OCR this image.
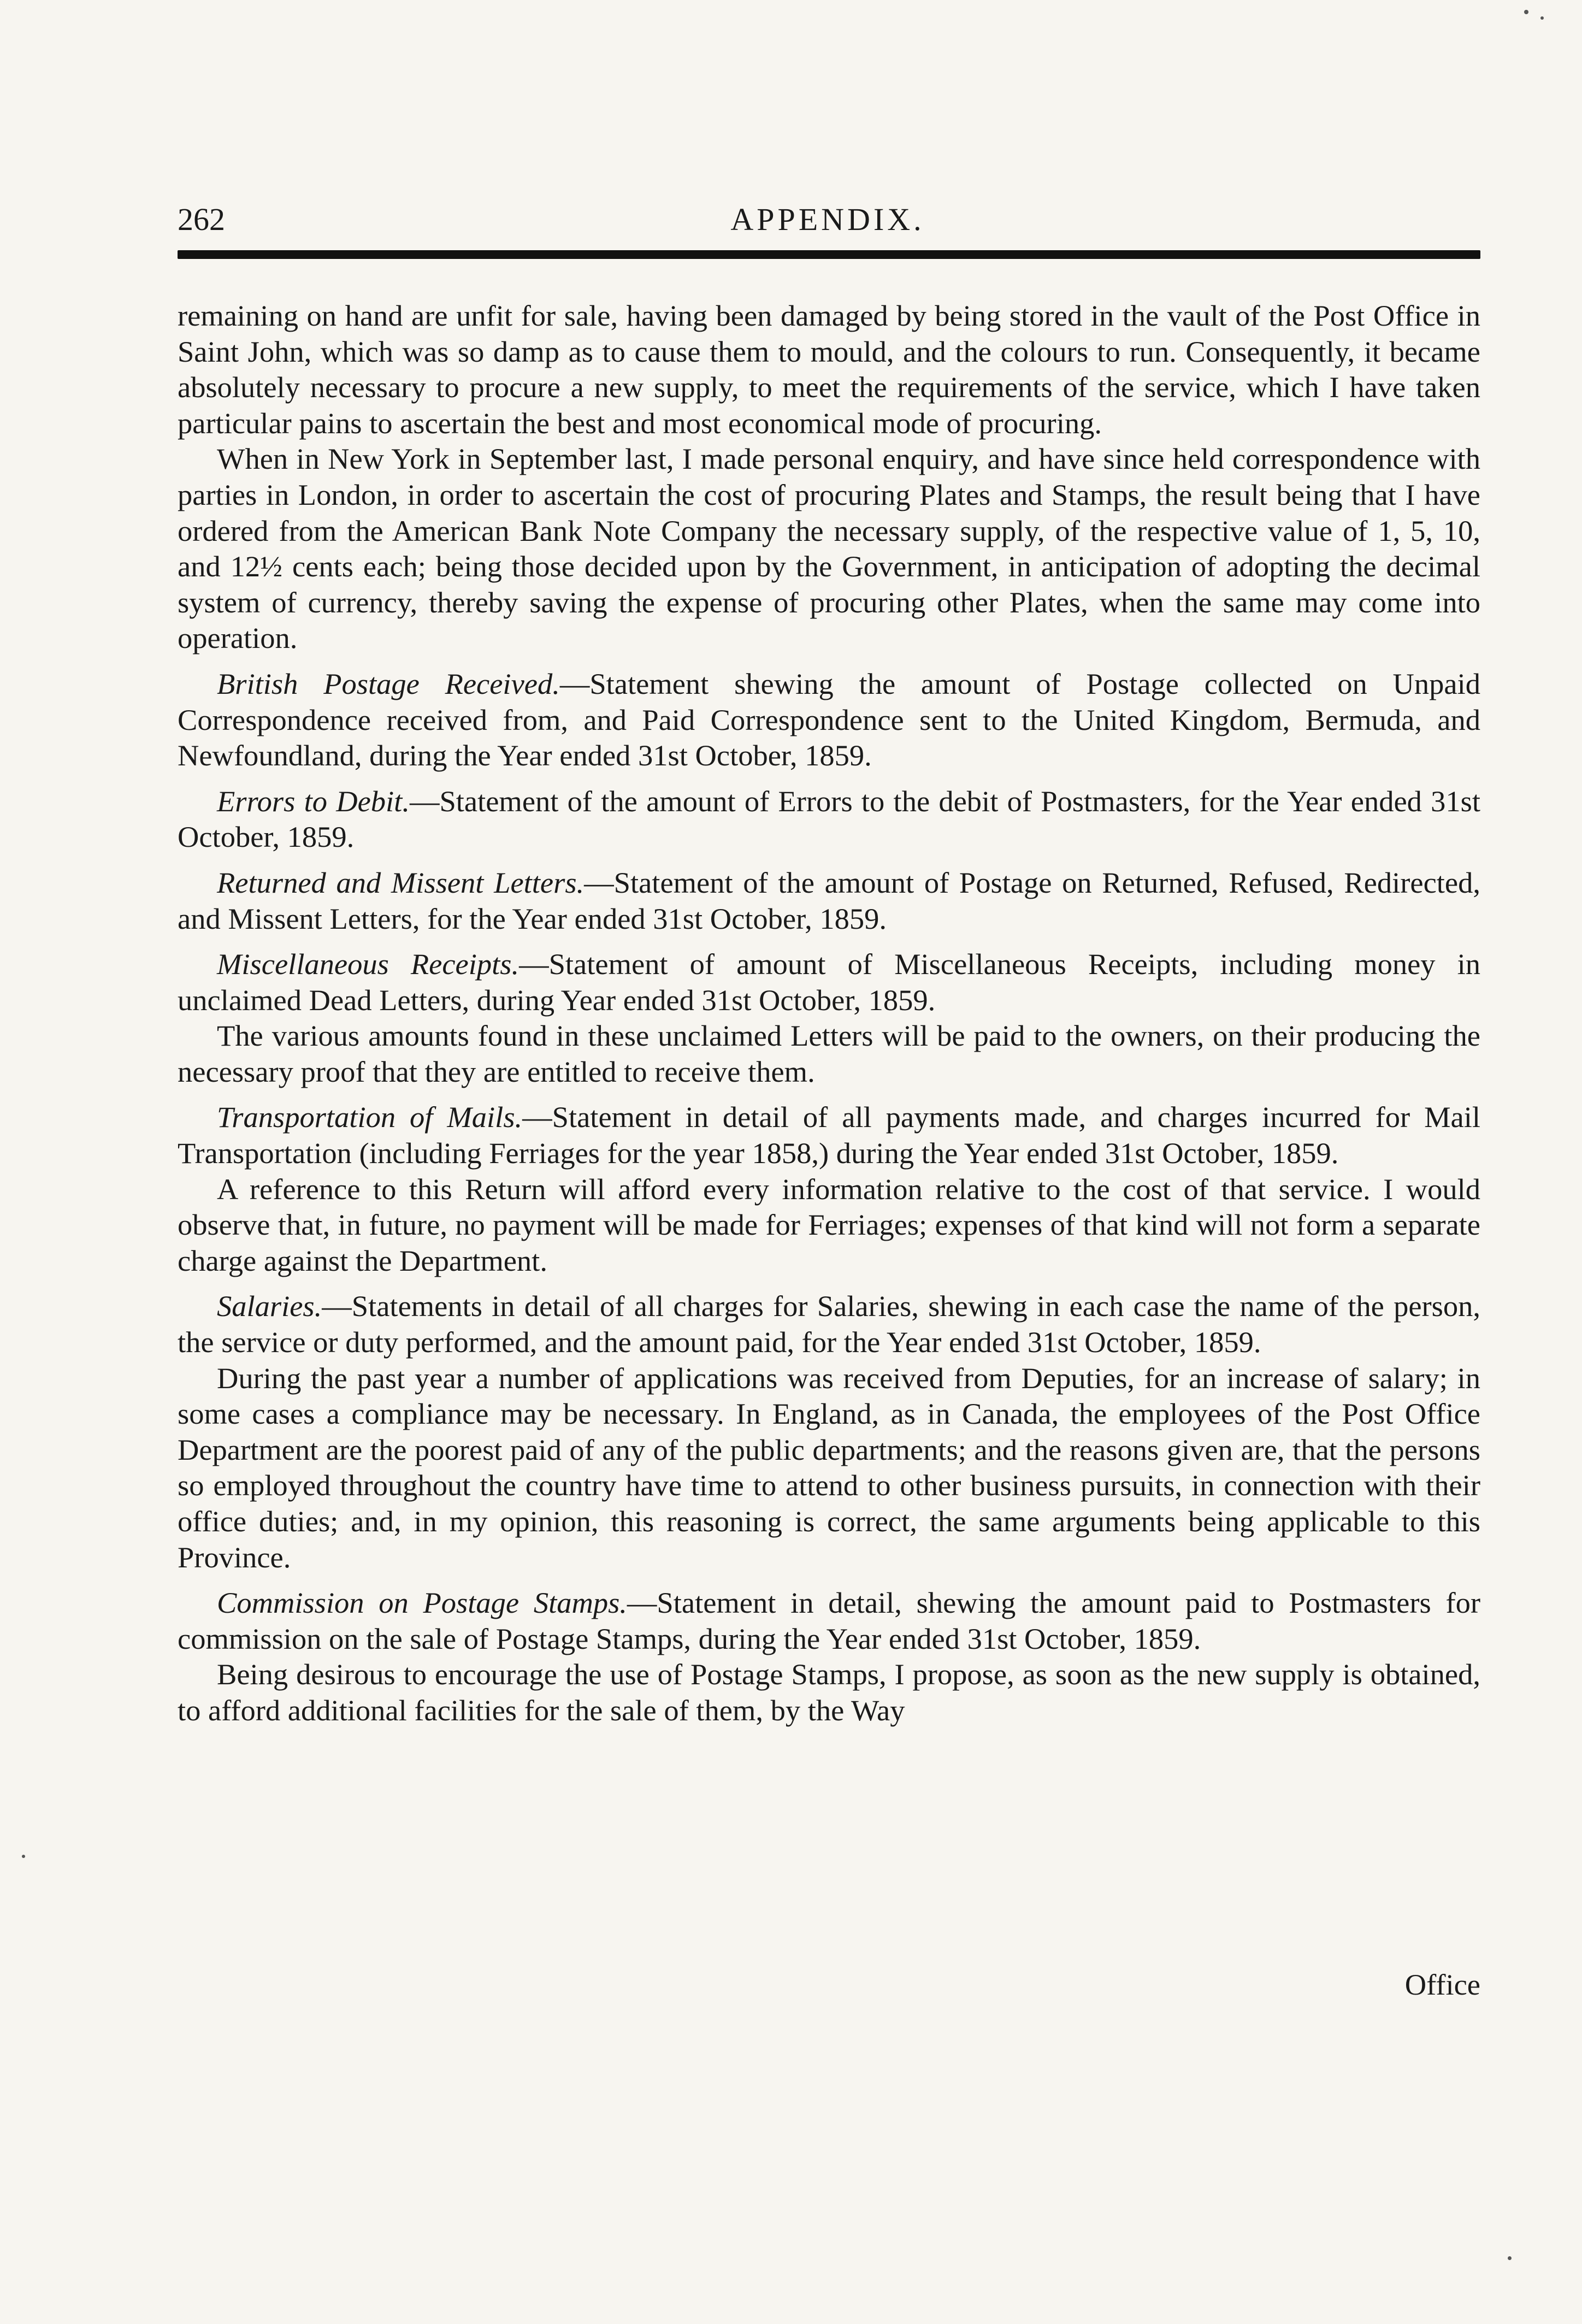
262	APPENDIX.

remaining on hand are unfit for sale, having been damaged by being stored in the vault of the Post Office in Saint John, which was so damp as to cause them to mould, and the colours to run. Consequently, it became absolutely necessary to procure a new supply, to meet the requirements of the service, which I have taken particular pains to ascertain the best and most economical mode of procuring.

When in New York in September last, I made personal enquiry, and have since held correspondence with parties in London, in order to ascertain the cost of procuring Plates and Stamps, the result being that I have ordered from the American Bank Note Company the necessary supply, of the respective value of 1, 5, 10, and 12½ cents each; being those decided upon by the Government, in anticipation of adopting the decimal system of currency, thereby saving the expense of procuring other Plates, when the same may come into operation.

British Postage Received.—Statement shewing the amount of Postage collected on Unpaid Correspondence received from, and Paid Correspondence sent to the United Kingdom, Bermuda, and Newfoundland, during the Year ended 31st October, 1859.

Errors to Debit.—Statement of the amount of Errors to the debit of Postmasters, for the Year ended 31st October, 1859.

Returned and Missent Letters.—Statement of the amount of Postage on Returned, Refused, Redirected, and Missent Letters, for the Year ended 31st October, 1859.

Miscellaneous Receipts.—Statement of amount of Miscellaneous Receipts, including money in unclaimed Dead Letters, during Year ended 31st October, 1859.

The various amounts found in these unclaimed Letters will be paid to the owners, on their producing the necessary proof that they are entitled to receive them.

Transportation of Mails.—Statement in detail of all payments made, and charges incurred for Mail Transportation (including Ferriages for the year 1858,) during the Year ended 31st October, 1859.

A reference to this Return will afford every information relative to the cost of that service. I would observe that, in future, no payment will be made for Ferriages; expenses of that kind will not form a separate charge against the Department.

Salaries.—Statements in detail of all charges for Salaries, shewing in each case the name of the person, the service or duty performed, and the amount paid, for the Year ended 31st October, 1859.

During the past year a number of applications was received from Deputies, for an increase of salary; in some cases a compliance may be necessary. In England, as in Canada, the employees of the Post Office Department are the poorest paid of any of the public departments; and the reasons given are, that the persons so employed throughout the country have time to attend to other business pursuits, in connection with their office duties; and, in my opinion, this reasoning is correct, the same arguments being applicable to this Province.

Commission on Postage Stamps.—Statement in detail, shewing the amount paid to Postmasters for commission on the sale of Postage Stamps, during the Year ended 31st October, 1859.

Being desirous to encourage the use of Postage Stamps, I propose, as soon as the new supply is obtained, to afford additional facilities for the sale of them, by the Way

Office
